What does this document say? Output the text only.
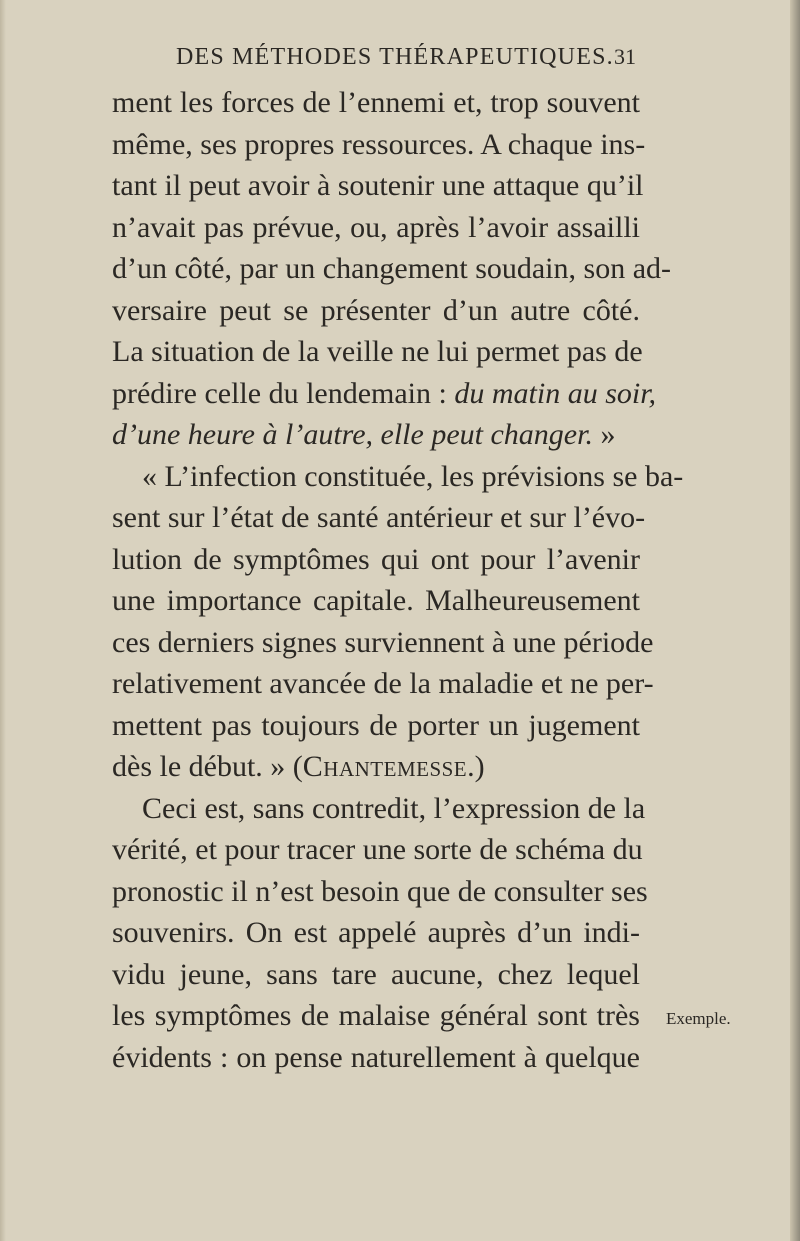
DES MÉTHODES THÉRAPEUTIQUES. 31
ment les forces de l’ennemi et, trop souvent
même, ses propres ressources. A chaque ins-
tant il peut avoir à soutenir une attaque qu’il
n’avait pas prévue, ou, après l’avoir assailli
d’un côté, par un changement soudain, son ad-
versaire peut se présenter d’un autre côté.
La situation de la veille ne lui permet pas de
prédire celle du lendemain : du matin au soir,
d’une heure à l’autre, elle peut changer. »
« L’infection constituée, les prévisions se ba-
sent sur l’état de santé antérieur et sur l’évo-
lution de symptômes qui ont pour l’avenir
une importance capitale. Malheureusement
ces derniers signes surviennent à une période
relativement avancée de la maladie et ne per-
mettent pas toujours de porter un jugement
dès le début. » (Chantemesse.)
Ceci est, sans contredit, l’expression de la
vérité, et pour tracer une sorte de schéma du
pronostic il n’est besoin que de consulter ses
souvenirs. On est appelé auprès d’un indi-
vidu jeune, sans tare aucune, chez lequel
les symptômes de malaise général sont très
évidents : on pense naturellement à quelque
Exemple.
